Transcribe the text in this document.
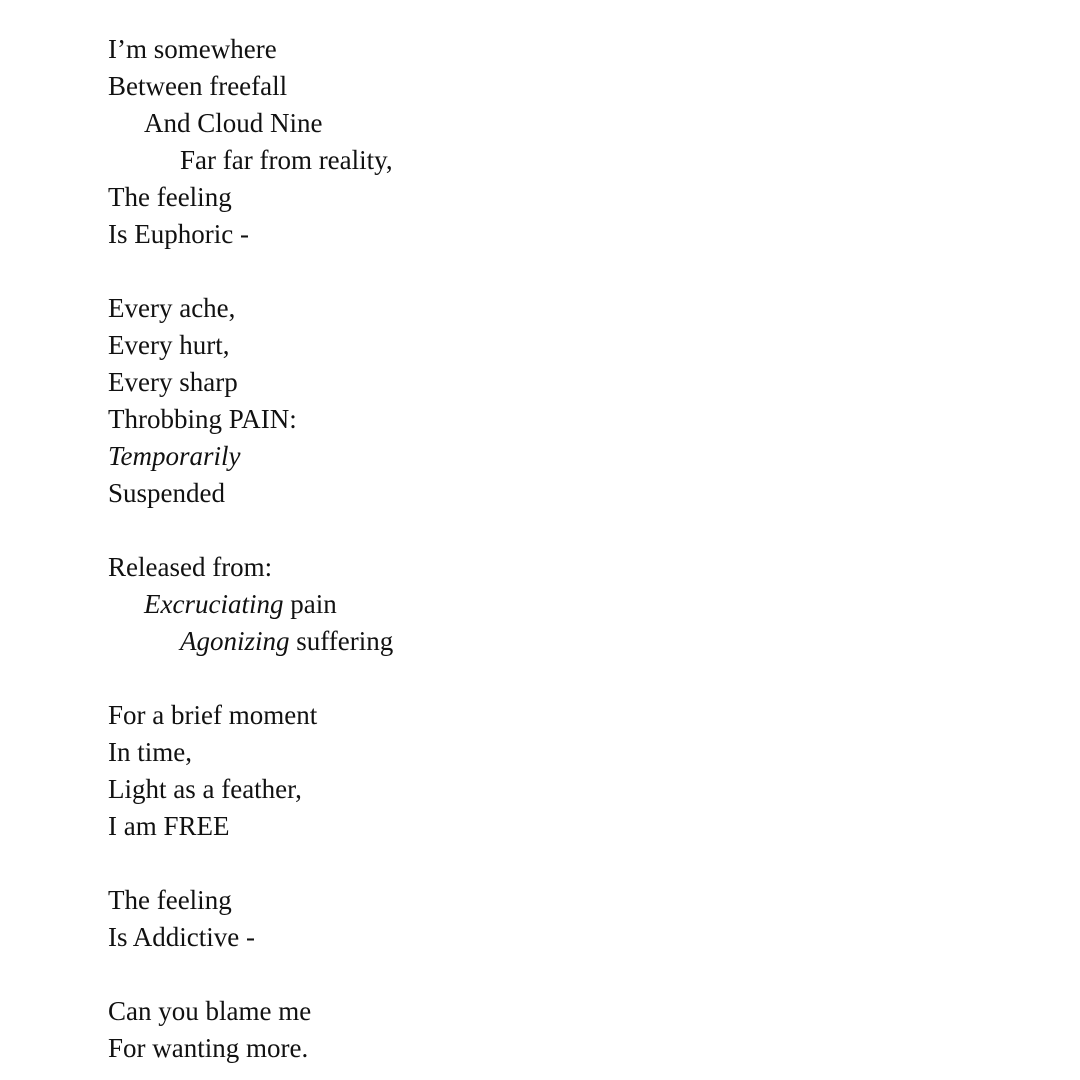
I’m somewhere
Between freefall
And Cloud Nine
Far far from reality,
The feeling
Is Euphoric -
Every ache,
Every hurt,
Every sharp
Throbbing PAIN:
Temporarily
Suspended
Released from:
Excruciating pain
Agonizing suffering
For a brief moment
In time,
Light as a feather,
I am FREE
The feeling
Is Addictive -
Can you blame me
For wanting more.
